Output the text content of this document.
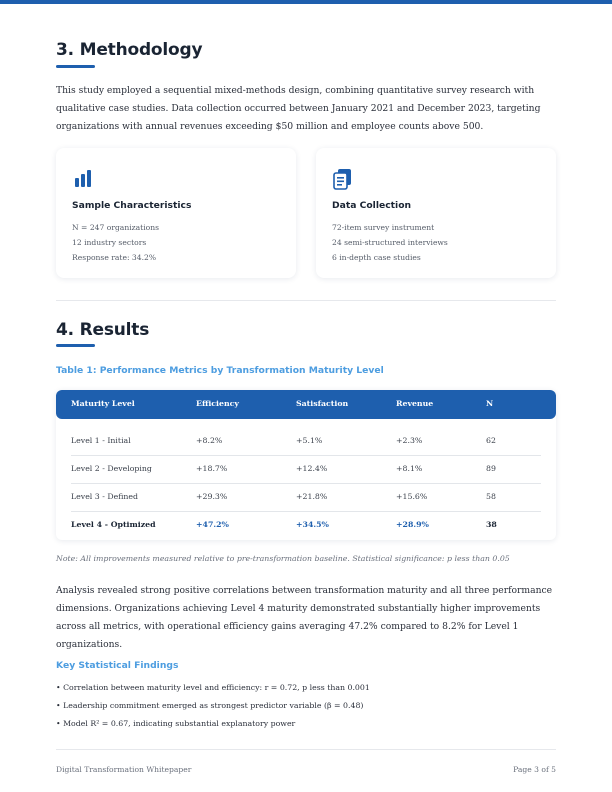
3. Methodology
This study employed a sequential mixed-methods design, combining quantitative survey research with
qualitative case studies. Data collection occurred between January 2021 and December 2023, targeting
organizations with annual revenues exceeding $50 million and employee counts above 500.
Sample Characteristics
N = 247 organizations
12 industry sectors
Response rate: 34.2%
Data Collection
72-item survey instrument
24 semi-structured interviews
6 in-depth case studies
4. Results
Table 1: Performance Metrics by Transformation Maturity Level
Maturity Level	Efficiency	Satisfaction	Revenue	N
Level 1 - Initial	+8.2%	+5.1%	+2.3%	62
Level 2 - Developing	+18.7%	+12.4%	+8.1%	89
Level 3 - Defined	+29.3%	+21.8%	+15.6%	58
Level 4 - Optimized	+47.2%	+34.5%	+28.9%	38
Note: All improvements measured relative to pre-transformation baseline. Statistical significance: p less than 0.05
Analysis revealed strong positive correlations between transformation maturity and all three performance
dimensions. Organizations achieving Level 4 maturity demonstrated substantially higher improvements
across all metrics, with operational efficiency gains averaging 47.2% compared to 8.2% for Level 1
organizations.
Key Statistical Findings
• Correlation between maturity level and efficiency: r = 0.72, p less than 0.001
• Leadership commitment emerged as strongest predictor variable (β = 0.48)
• Model R² = 0.67, indicating substantial explanatory power
Digital Transformation Whitepaper	Page 3 of 5
